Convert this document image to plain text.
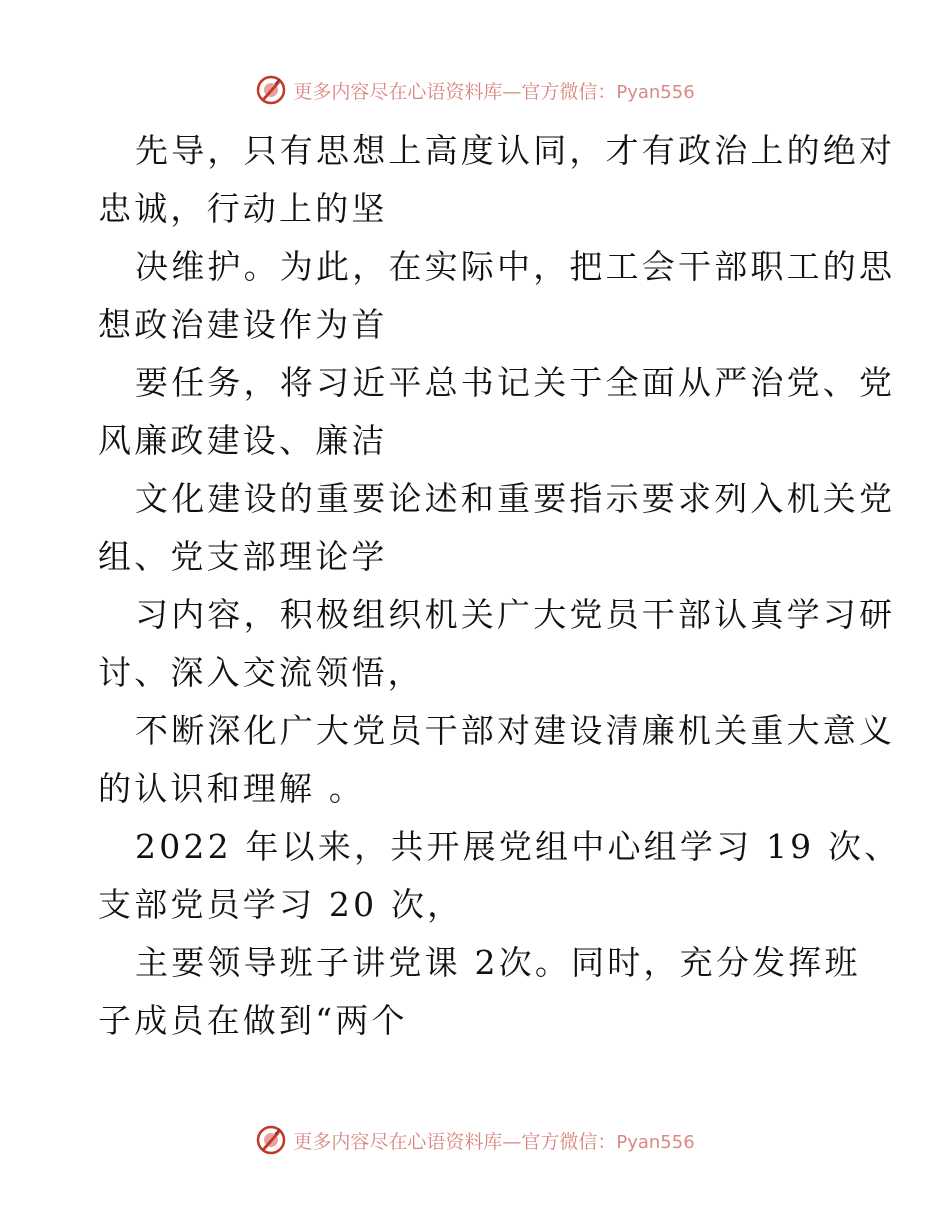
更多内容尽在心语资料库—官方微信：Pyan556

先导，只有思想上高度认同，才有政治上的绝对
忠诚，行动上的坚

决维护。为此，在实际中，把工会干部职工的思
想政治建设作为首

要任务，将习近平总书记关于全面从严治党、党
风廉政建设、廉洁

文化建设的重要论述和重要指示要求列入机关党
组、党支部理论学

习内容，积极组织机关广大党员干部认真学习研
讨、深入交流领悟，

不断深化广大党员干部对建设清廉机关重大意义
的认识和理解 。

2022 年以来，共开展党组中心组学习 19 次、
支部党员学习 20 次，

主要领导班子讲党课 2次。同时，充分发挥班
子成员在做到“两个

更多内容尽在心语资料库—官方微信：Pyan556
